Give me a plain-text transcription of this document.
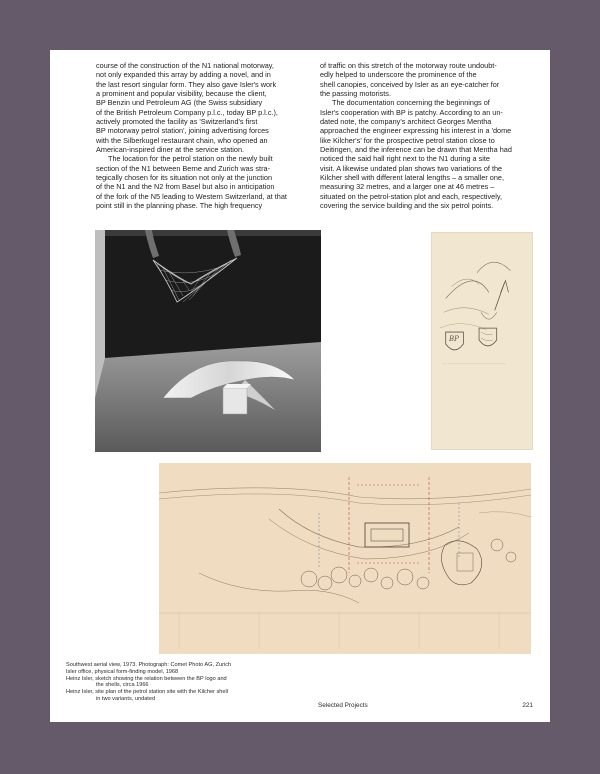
course of the construction of the N1 national motorway,
not only expanded this array by adding a novel, and in
the last resort singular form. They also gave Isler's work
a prominent and popular visibility, because the client,
BP Benzin und Petroleum AG (the Swiss subsidiary
of the British Petroleum Company p.l.c., today BP p.l.c.),
actively promoted the facility as 'Switzerland's first
BP motorway petrol station', joining advertising forces
with the Silberkugel restaurant chain, who opened an
American-inspired diner at the service station.

The location for the petrol station on the newly built
section of the N1 between Berne and Zurich was stra-
tegically chosen for its situation not only at the junction
of the N1 and the N2 from Basel but also in anticipation
of the fork of the N5 leading to Western Switzerland, at that
point still in the planning phase. The high frequency

of traffic on this stretch of the motorway route undoubt-
edly helped to underscore the prominence of the
shell canopies, conceived by Isler as an eye-catcher for
the passing motorists.

The documentation concerning the beginnings of
Isler's cooperation with BP is patchy. According to an un-
dated note, the company's architect Georges Mentha
approached the engineer expressing his interest in a 'dome
like Kilcher's' for the prospective petrol station close to
Deitingen, and the inference can be drawn that Mentha had
noticed the said hall right next to the N1 during a site
visit. A likewise undated plan shows two variations of the
Kilcher shell with different lateral lengths – a smaller one,
measuring 32 metres, and a larger one at 46 metres –
situated on the petrol-station plot and each, respectively,
covering the service building and the six petrol points.

BP
Southwest aerial view, 1973. Photograph: Comet Photo AG, Zurich
Isler office, physical form-finding model, 1968
Heinz Isler, sketch showing the relation between the BP logo and
the shells, circa 1966
Heinz Isler, site plan of the petrol station site with the Kilcher shell
in two variants, undated
Selected Projects	221
